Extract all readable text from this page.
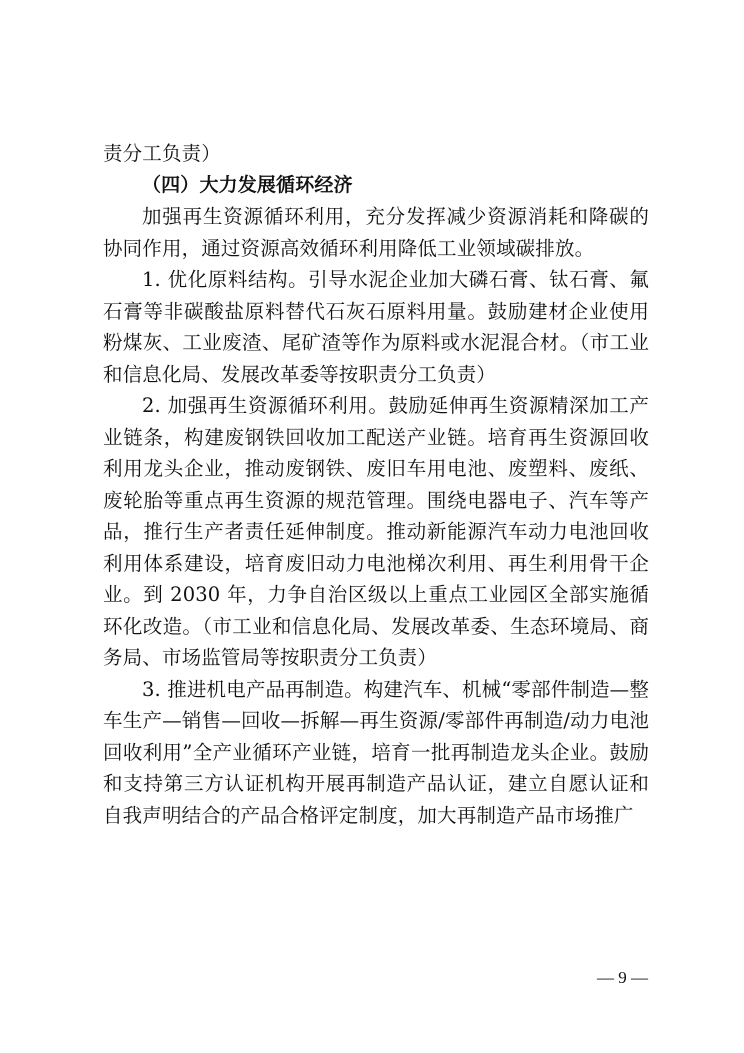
责分工负责）

（四）大力发展循环经济

加强再生资源循环利用，充分发挥减少资源消耗和降碳的协同作用，通过资源高效循环利用降低工业领域碳排放。

1. 优化原料结构。引导水泥企业加大磷石膏、钛石膏、氟石膏等非碳酸盐原料替代石灰石原料用量。鼓励建材企业使用粉煤灰、工业废渣、尾矿渣等作为原料或水泥混合材。（市工业和信息化局、发展改革委等按职责分工负责）

2. 加强再生资源循环利用。鼓励延伸再生资源精深加工产业链条，构建废钢铁回收加工配送产业链。培育再生资源回收利用龙头企业，推动废钢铁、废旧车用电池、废塑料、废纸、废轮胎等重点再生资源的规范管理。围绕电器电子、汽车等产品，推行生产者责任延伸制度。推动新能源汽车动力电池回收利用体系建设，培育废旧动力电池梯次利用、再生利用骨干企业。到 2030 年，力争自治区级以上重点工业园区全部实施循环化改造。（市工业和信息化局、发展改革委、生态环境局、商务局、市场监管局等按职责分工负责）

3. 推进机电产品再制造。构建汽车、机械“零部件制造—整车生产—销售—回收—拆解—再生资源/零部件再制造/动力电池回收利用”全产业循环产业链，培育一批再制造龙头企业。鼓励和支持第三方认证机构开展再制造产品认证，建立自愿认证和自我声明结合的产品合格评定制度，加大再制造产品市场推广

— 9 —
